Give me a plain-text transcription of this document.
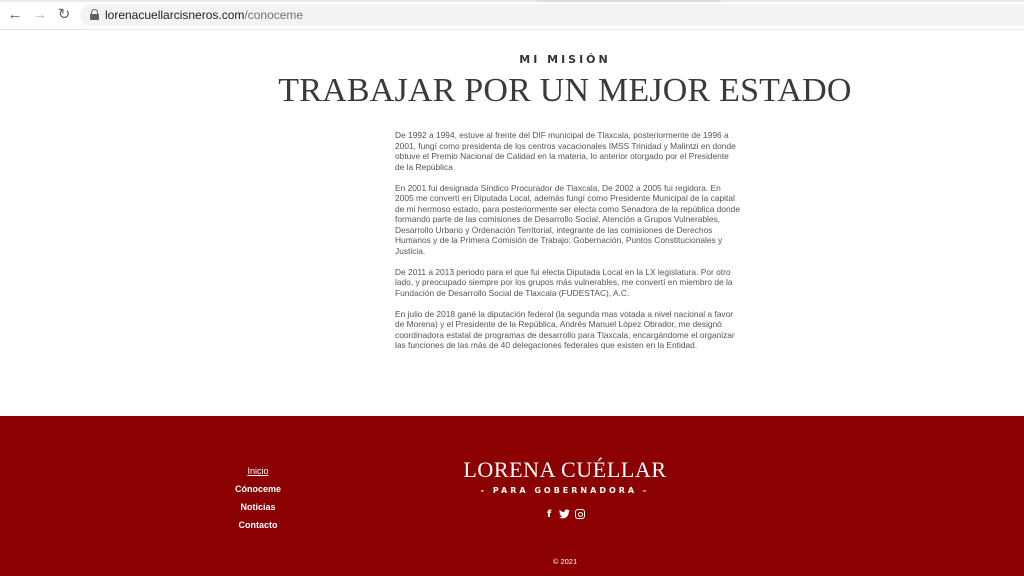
← → ↻	lorenacuellarcisneros.com/conoceme
MI MISIÓN
TRABAJAR POR UN MEJOR ESTADO

De 1992 a 1994, estuve al frente del DIF municipal de Tlaxcala, posteriormente de 1996 a 2001, fungí como presidenta de los centros vacacionales IMSS Trinidad y Malintzi en donde obtuve el Premio Nacional de Calidad en la materia, lo anterior otorgado por el Presidente de la República

En 2001 fui designada Síndico Procurador de Tlaxcala. De 2002 a 2005 fui regidora. En 2005 me convertí en Diputada Local, además fungí como Presidente Municipal de la capital de mi hermoso estado, para posteriormente ser electa como Senadora de la república donde formando parte de las comisiones de Desarrollo Social, Atención a Grupos Vulnerables, Desarrollo Urbano y Ordenación Territorial, integrante de las comisiones de Derechos Humanos y de la Primera Comisión de Trabajo: Gobernación, Puntos Constitucionales y Justicia.

De 2011 a 2013 periodo para el que fui electa Diputada Local en la LX legislatura. Por otro lado, y preocupado siempre por los grupos más vulnerables, me convertí en miembro de la Fundación de Desarrollo Social de Tlaxcala (FUDESTAC), A.C.

En julio de 2018 gané la diputación federal (la segunda mas votada a nivel nacional a favor de Morena) y el Presidente de la República, Andrés Manuel López Obrador, me designó coordinadora estatal de programas de desarrollo para Tlaxcala, encargándome el organizar las funciones de las más de 40 delegaciones federales que existen en la Entidad.

Inicio
Cónoceme
Noticias
Contacto
LORENA CUÉLLAR
- PARA GOBERNADORA -
f
© 2021
